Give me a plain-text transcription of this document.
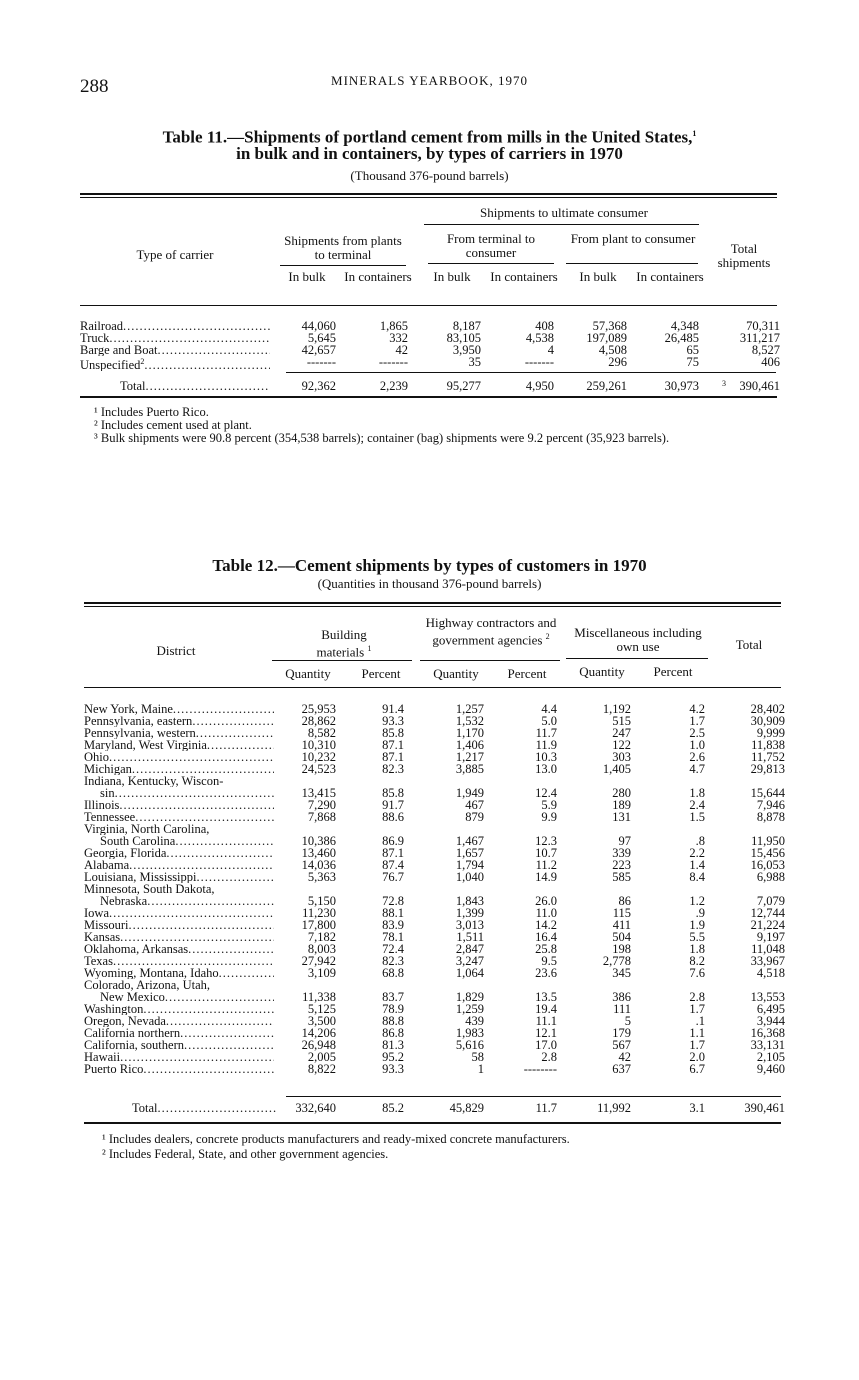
288	MINERALS YEARBOOK, 1970
Table 11.—Shipments of portland cement from mills in the United States,$^1$
in bulk and in containers, by types of carriers in 1970
(Thousand 376-pound barrels)
Shipments to ultimate consumer
Type of carrier
Shipments from plants to terminal
From terminal to consumer
From plant to consumer
Total shipments
In bulk	In containers	In bulk	In containers	In bulk	In containers
Railroad .....	44,060	1,865	8,187	408	57,368	4,348	70,311
Truck .....	5,645	332	83,105	4,538	197,089	26,485	311,217
Barge and Boat .....	42,657	42	3,950	4	4,508	65	8,527
Unspecified$^2$ .....	-------	-------	35	-------	296	75	406
Total .....	92,362	2,239	95,277	4,950	259,261	30,973	390,461
3
¹ Includes Puerto Rico.
² Includes cement used at plant.
³ Bulk shipments were 90.8 percent (354,538 barrels); container (bag) shipments were 9.2 percent (35,923 barrels).
Table 12.—Cement shipments by types of customers in 1970
(Quantities in thousand 376-pound barrels)
District
Building materials $^1$
Highway contractors and government agencies $^2$	Miscellaneous including own use	Total
Quantity	Percent	Quantity	Percent	Quantity	Percent
New York, Maine .....	25,953	91.4	1,257	4.4	1,192	4.2	28,402
Pennsylvania, eastern .....	28,862	93.3	1,532	5.0	515	1.7	30,909
Pennsylvania, western .....	8,582	85.8	1,170	11.7	247	2.5	9,999
Maryland, West Virginia .....	10,310	87.1	1,406	11.9	122	1.0	11,838
Ohio .....	10,232	87.1	1,217	10.3	303	2.6	11,752
Michigan .....	24,523	82.3	3,885	13.0	1,405	4.7	29,813
Indiana, Kentucky, Wiscon-
sin .....	13,415	85.8	1,949	12.4	280	1.8	15,644
Illinois .....	7,290	91.7	467	5.9	189	2.4	7,946
Tennessee .....	7,868	88.6	879	9.9	131	1.5	8,878
Virginia, North Carolina,
South Carolina .....	10,386	86.9	1,467	12.3	97	.8	11,950
Georgia, Florida .....	13,460	87.1	1,657	10.7	339	2.2	15,456
Alabama .....	14,036	87.4	1,794	11.2	223	1.4	16,053
Louisiana, Mississippi .....	5,363	76.7	1,040	14.9	585	8.4	6,988
Minnesota, South Dakota,
Nebraska .....	5,150	72.8	1,843	26.0	86	1.2	7,079
Iowa .....	11,230	88.1	1,399	11.0	115	.9	12,744
Missouri .....	17,800	83.9	3,013	14.2	411	1.9	21,224
Kansas .....	7,182	78.1	1,511	16.4	504	5.5	9,197
Oklahoma, Arkansas .....	8,003	72.4	2,847	25.8	198	1.8	11,048
Texas .....	27,942	82.3	3,247	9.5	2,778	8.2	33,967
Wyoming, Montana, Idaho .....	3,109	68.8	1,064	23.6	345	7.6	4,518
Colorado, Arizona, Utah,
New Mexico .....	11,338	83.7	1,829	13.5	386	2.8	13,553
Washington .....	5,125	78.9	1,259	19.4	111	1.7	6,495
Oregon, Nevada .....	3,500	88.8	439	11.1	5	.1	3,944
California northern .....	14,206	86.8	1,983	12.1	179	1.1	16,368
California, southern .....	26,948	81.3	5,616	17.0	567	1.7	33,131
Hawaii .....	2,005	95.2	58	2.8	42	2.0	2,105
Puerto Rico .....	8,822	93.3	1	--------	637	6.7	9,460
Total .....	332,640	85.2	45,829	11.7	11,992	3.1	390,461
¹ Includes dealers, concrete products manufacturers and ready-mixed concrete manufacturers.
² Includes Federal, State, and other government agencies.
